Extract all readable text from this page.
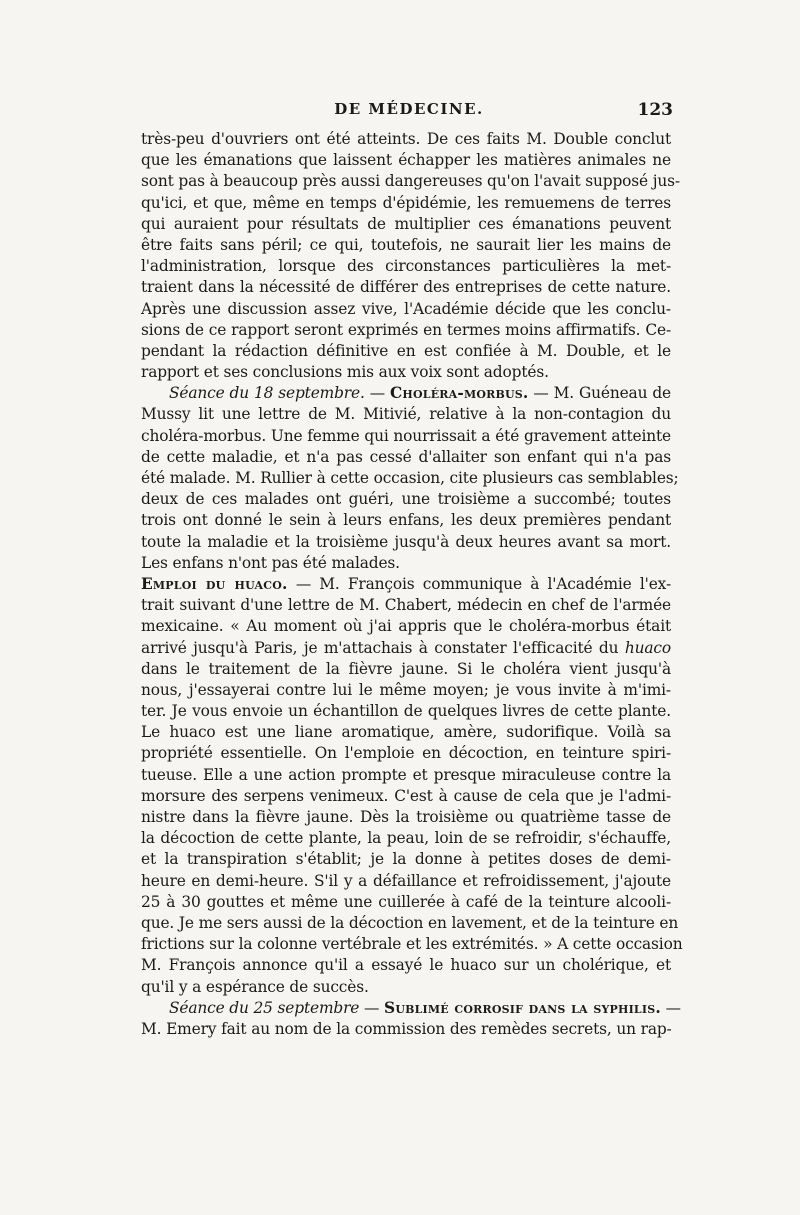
DE MÉDECINE.	123
très-peu d'ouvriers ont été atteints. De ces faits M. Double conclut
que les émanations que laissent échapper les matières animales ne
sont pas à beaucoup près aussi dangereuses qu'on l'avait supposé jus-
qu'ici, et que, même en temps d'épidémie, les remuemens de terres
qui auraient pour résultats de multiplier ces émanations peuvent
être faits sans péril; ce qui, toutefois, ne saurait lier les mains de
l'administration, lorsque des circonstances particulières la met-
traient dans la nécessité de différer des entreprises de cette nature.
Après une discussion assez vive, l'Académie décide que les conclu-
sions de ce rapport seront exprimés en termes moins affirmatifs. Ce-
pendant la rédaction définitive en est confiée à M. Double, et le
rapport et ses conclusions mis aux voix sont adoptés.
Séance du 18 septembre. — Choléra-morbus. — M. Guéneau de
Mussy lit une lettre de M. Mitivié, relative à la non-contagion du
choléra-morbus. Une femme qui nourrissait a été gravement atteinte
de cette maladie, et n'a pas cessé d'allaiter son enfant qui n'a pas
été malade. M. Rullier à cette occasion, cite plusieurs cas semblables;
deux de ces malades ont guéri, une troisième a succombé; toutes
trois ont donné le sein à leurs enfans, les deux premières pendant
toute la maladie et la troisième jusqu'à deux heures avant sa mort.
Les enfans n'ont pas été malades.
Emploi du huaco. — M. François communique à l'Académie l'ex-
trait suivant d'une lettre de M. Chabert, médecin en chef de l'armée
mexicaine. « Au moment où j'ai appris que le choléra-morbus était
arrivé jusqu'à Paris, je m'attachais à constater l'efficacité du huaco
dans le traitement de la fièvre jaune. Si le choléra vient jusqu'à
nous, j'essayerai contre lui le même moyen; je vous invite à m'imi-
ter. Je vous envoie un échantillon de quelques livres de cette plante.
Le huaco est une liane aromatique, amère, sudorifique. Voilà sa
propriété essentielle. On l'emploie en décoction, en teinture spiri-
tueuse. Elle a une action prompte et presque miraculeuse contre la
morsure des serpens venimeux. C'est à cause de cela que je l'admi-
nistre dans la fièvre jaune. Dès la troisième ou quatrième tasse de
la décoction de cette plante, la peau, loin de se refroidir, s'échauffe,
et la transpiration s'établit; je la donne à petites doses de demi-
heure en demi-heure. S'il y a défaillance et refroidissement, j'ajoute
25 à 30 gouttes et même une cuillerée à café de la teinture alcooli-
que. Je me sers aussi de la décoction en lavement, et de la teinture en
frictions sur la colonne vertébrale et les extrémités. » A cette occasion
M. François annonce qu'il a essayé le huaco sur un cholérique, et
qu'il y a espérance de succès.
Séance du 25 septembre — Sublimé corrosif dans la syphilis. —
M. Emery fait au nom de la commission des remèdes secrets, un rap-
